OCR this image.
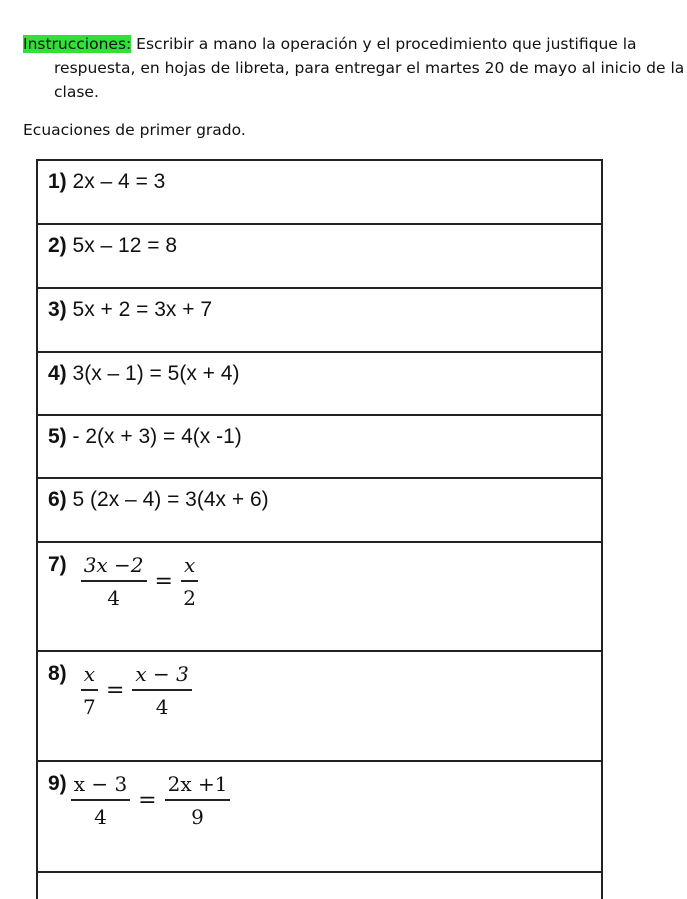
Instrucciones: Escribir a mano la operación y el procedimiento que justifique la
respuesta, en hojas de libreta, para entregar el martes 20 de mayo al inicio de la
clase.
Ecuaciones de primer grado.
1) 2x – 4 = 3
2) 5x – 12 = 8
3) 5x + 2 = 3x + 7
4) 3(x – 1) = 5(x + 4)
5) - 2(x + 3) = 4(x -1)
6) 5 (2x – 4) = 3(4x + 6)
$7) \frac{3x -2}{4} = \frac{x}{2}$
$8) \frac{x}{7} = \frac{x - 3}{4}$
$9) \frac{x - 3}{4} = \frac{2x +1}{9}$
